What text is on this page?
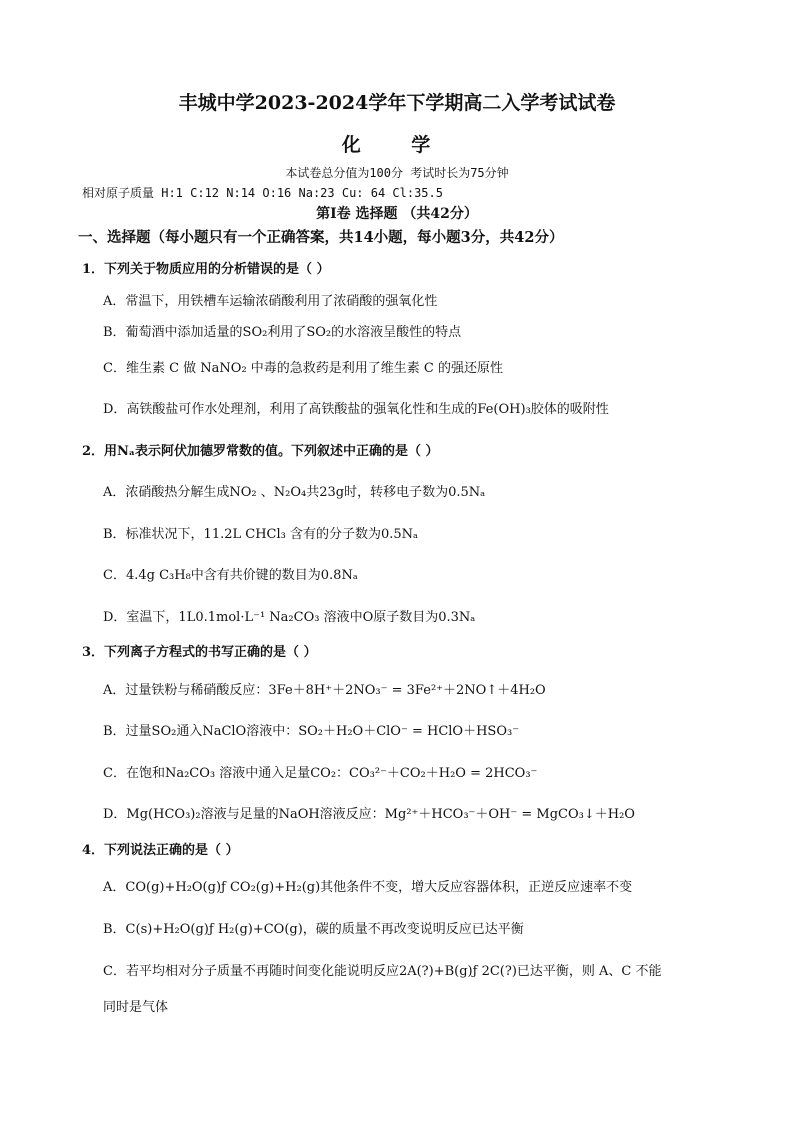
丰城中学2023-2024学年下学期高二入学考试试卷
化 学
本试卷总分值为100分 考试时长为75分钟
相对原子质量 H:1 C:12 N:14 O:16 Na:23 Cu: 64 Cl:35.5
第Ⅰ卷 选择题 （共42分）
一、选择题（每小题只有一个正确答案，共14小题，每小题3分，共42分）
1．下列关于物质应用的分析错误的是（ ）
A．常温下，用铁槽车运输浓硝酸利用了浓硝酸的强氧化性
B．葡萄酒中添加适量的SO₂利用了SO₂的水溶液呈酸性的特点
C．维生素 C 做 NaNO₂ 中毒的急救药是利用了维生素 C 的强还原性
D．高铁酸盐可作水处理剂，利用了高铁酸盐的强氧化性和生成的Fe(OH)₃胶体的吸附性
2．用Nₐ表示阿伏加德罗常数的值。下列叙述中正确的是（ ）
A．浓硝酸热分解生成NO₂ 、N₂O₄共23g时，转移电子数为0.5Nₐ
B．标准状况下，11.2L CHCl₃ 含有的分子数为0.5Nₐ
C．4.4g C₃H₈中含有共价键的数目为0.8Nₐ
D．室温下，1L0.1mol·L⁻¹ Na₂CO₃ 溶液中O原子数目为0.3Nₐ
3．下列离子方程式的书写正确的是（ ）
A．过量铁粉与稀硝酸反应：3Fe＋8H⁺＋2NO₃⁻ = 3Fe²⁺＋2NO↑＋4H₂O
B．过量SO₂通入NaClO溶液中：SO₂＋H₂O＋ClO⁻ = HClO＋HSO₃⁻
C．在饱和Na₂CO₃ 溶液中通入足量CO₂：CO₃²⁻＋CO₂＋H₂O = 2HCO₃⁻
D．Mg(HCO₃)₂溶液与足量的NaOH溶液反应：Mg²⁺＋HCO₃⁻＋OH⁻ = MgCO₃↓＋H₂O
4．下列说法正确的是（ ）
A．CO(g)+H₂O(g)ƒ CO₂(g)+H₂(g)其他条件不变，增大反应容器体积，正逆反应速率不变
B．C(s)+H₂O(g)ƒ H₂(g)+CO(g)，碳的质量不再改变说明反应已达平衡
C．若平均相对分子质量不再随时间变化能说明反应2A(?)+B(g)ƒ 2C(?)已达平衡，则 A、C 不能
同时是气体
